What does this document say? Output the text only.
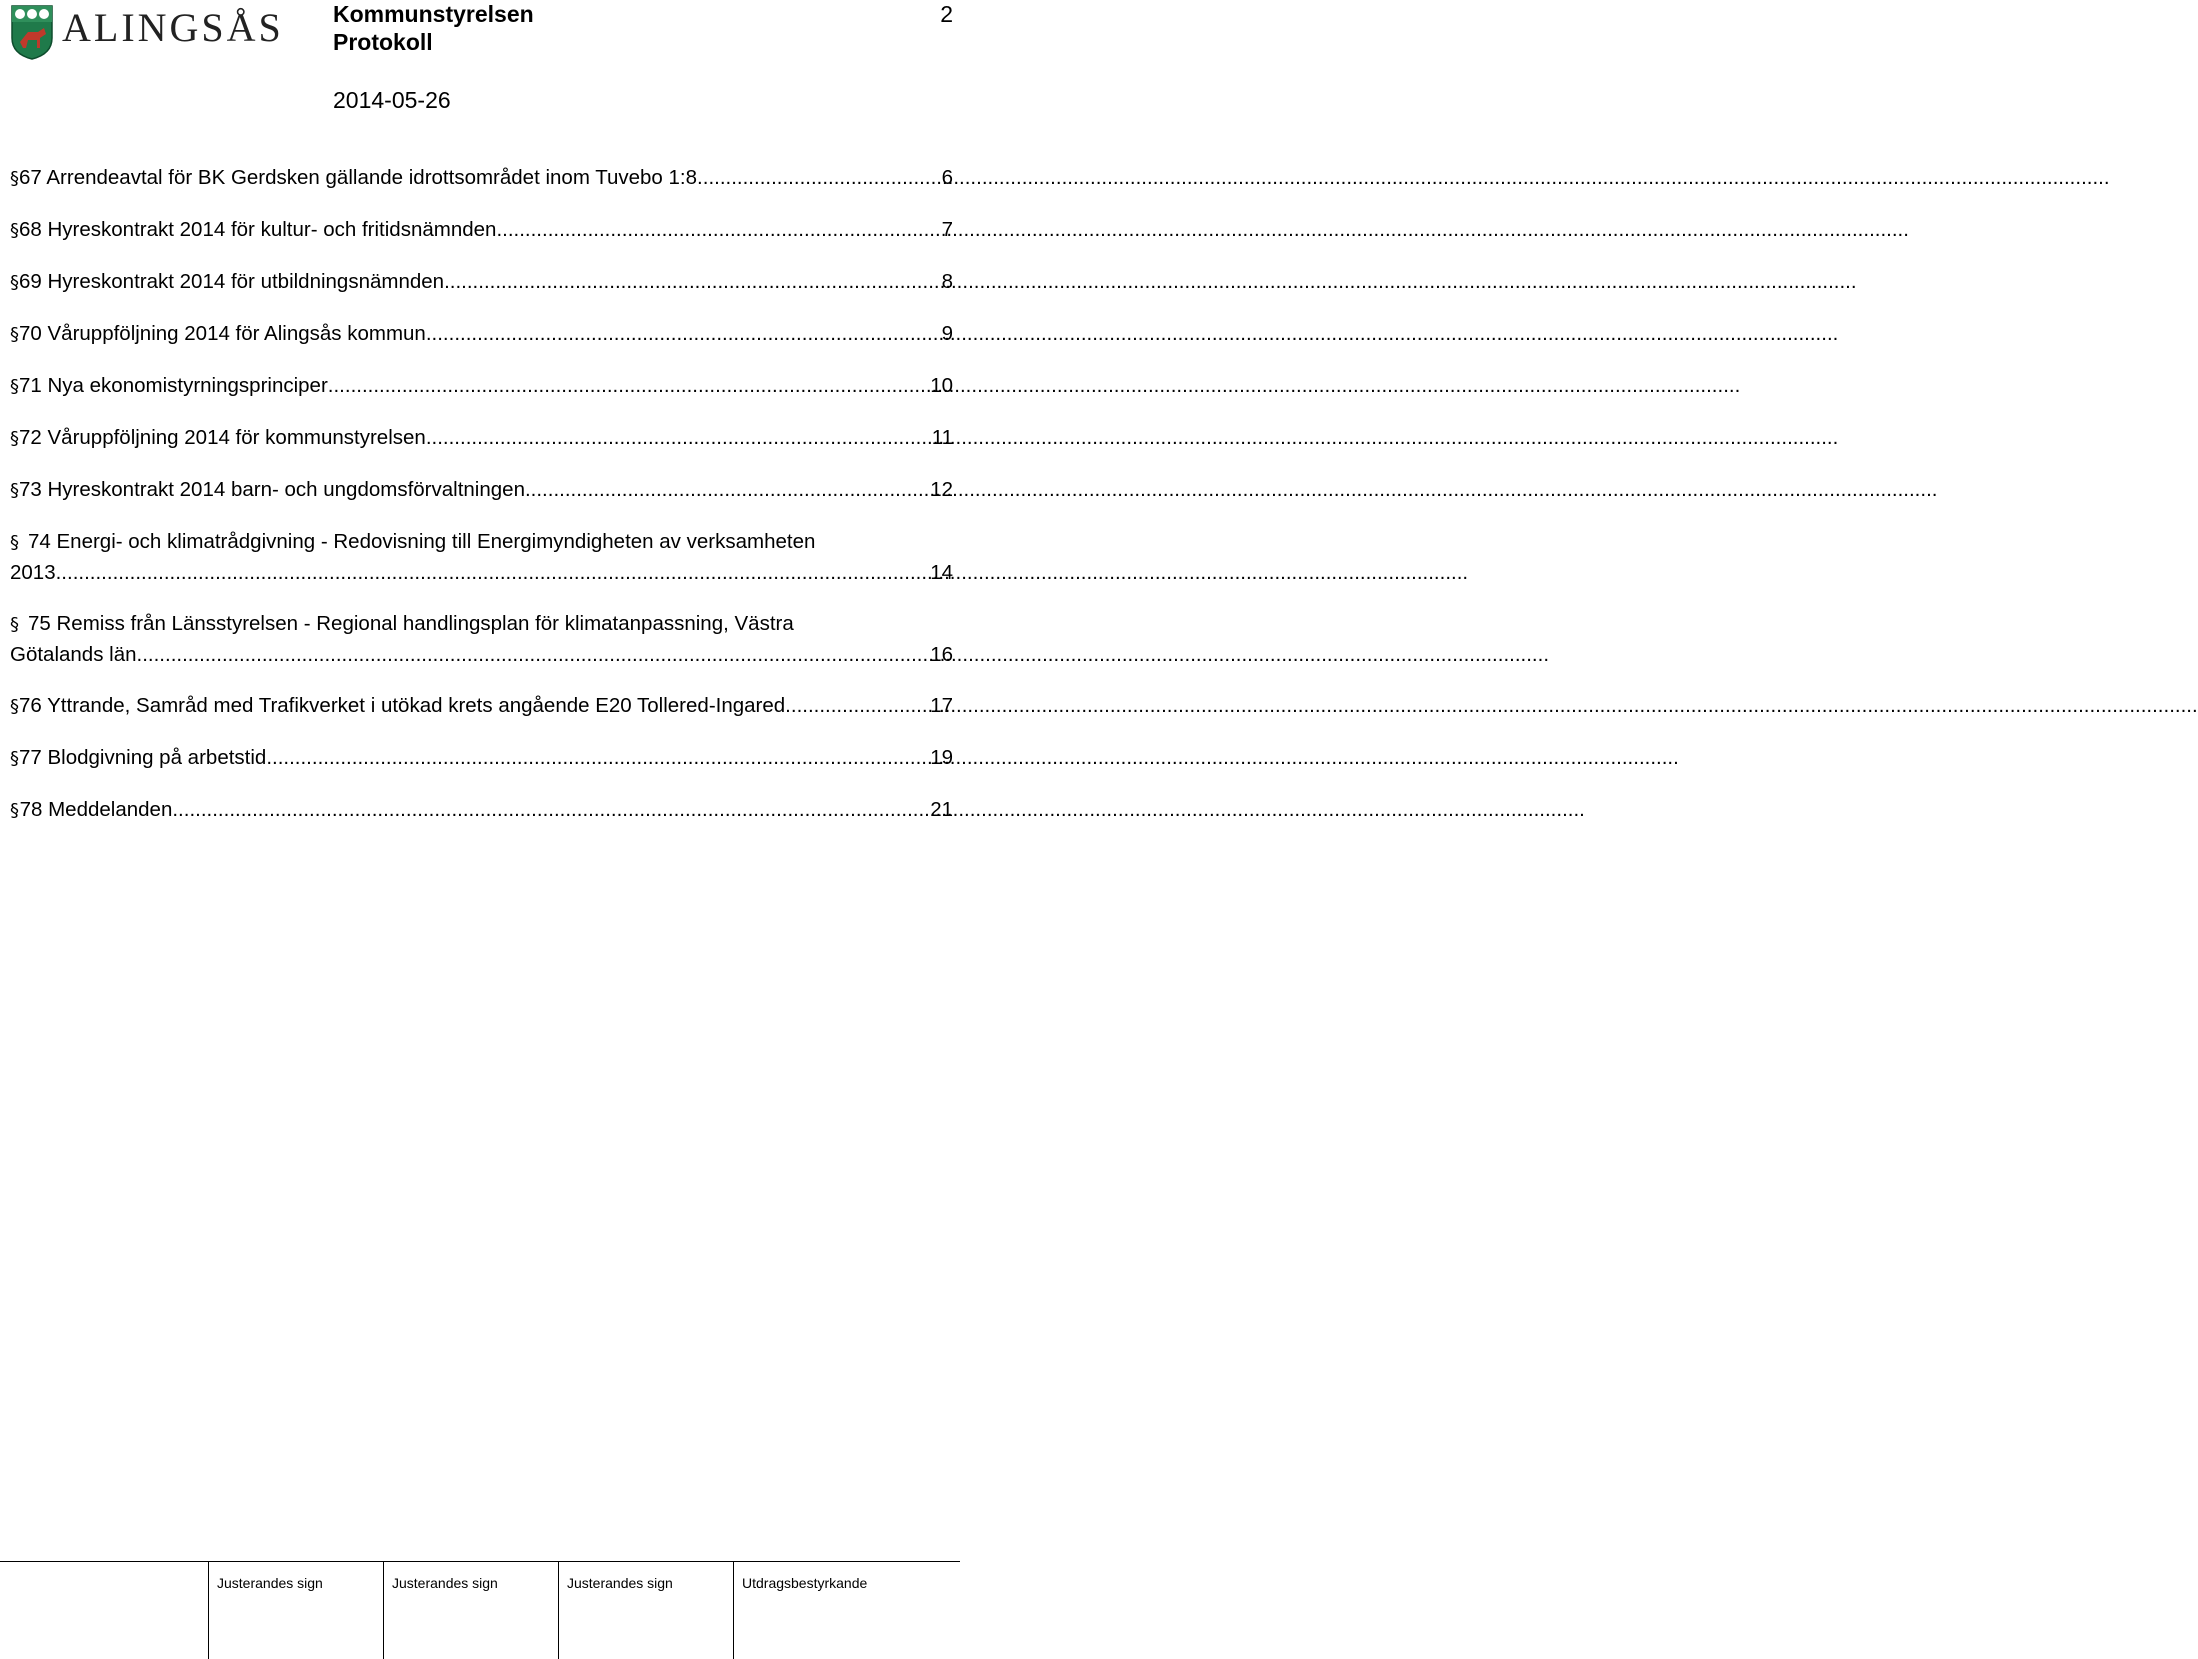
ALINGSÅS Kommunstyrelsen
Protokoll
2014-05-26
2
§ 67 Arrendeavtal för BK Gerdsken gällande idrottsområdet inom Tuvebo 1:8 .....	6
§ 68 Hyreskontrakt 2014 för kultur- och fritidsnämnden .....	7
§ 69 Hyreskontrakt 2014 för utbildningsnämnden .....	8
§ 70 Våruppföljning 2014 för Alingsås kommun .....	9
§ 71 Nya ekonomistyrningsprinciper .....	10
§ 72 Våruppföljning 2014 för kommunstyrelsen .....	11
§ 73 Hyreskontrakt 2014 barn- och ungdomsförvaltningen .....	12
§ 74 Energi- och klimatrådgivning - Redovisning till Energimyndigheten av verksamheten
2013 .....	14
§ 75 Remiss från Länsstyrelsen - Regional handlingsplan för klimatanpassning, Västra
Götalands län .....	16
§ 76 Yttrande, Samråd med Trafikverket i utökad krets angående E20 Tollered-Ingared .....	17
§ 77 Blodgivning på arbetstid .....	19
§ 78 Meddelanden .....	21
Justerandes sign	Justerandes sign	Justerandes sign	Utdragsbestyrkande
